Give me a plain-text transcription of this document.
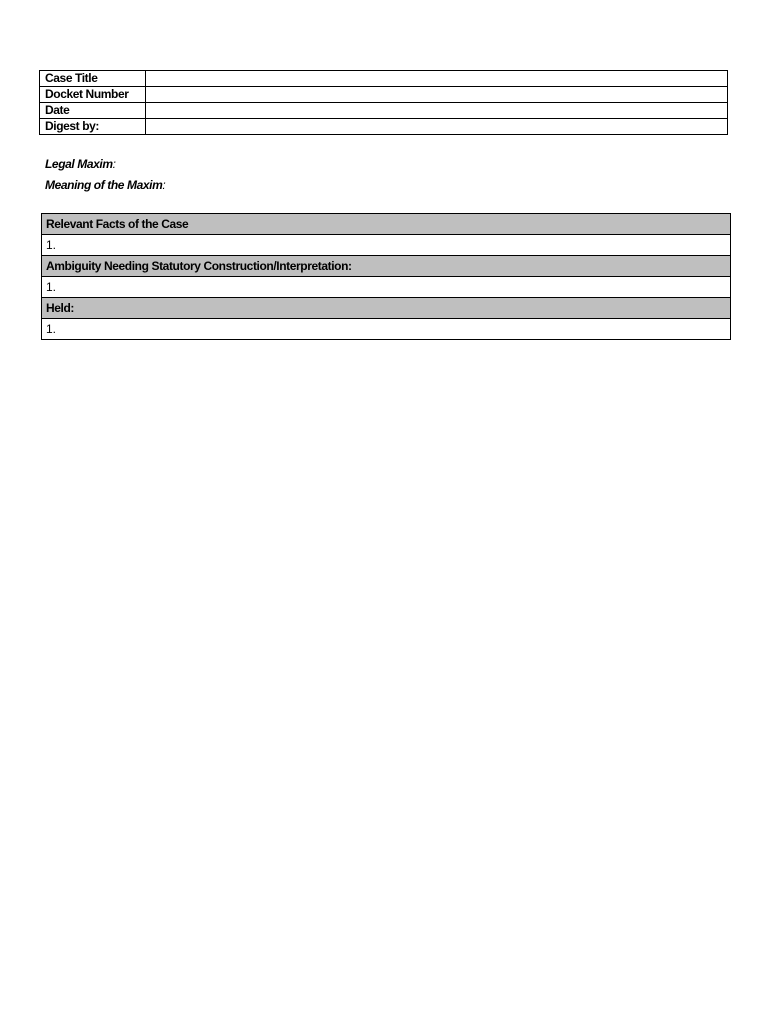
Case Title	
Docket Number	
Date	
Digest by:	
Legal Maxim:
Meaning of the Maxim:
Relevant Facts of the Case
1.
Ambiguity Needing Statutory Construction/Interpretation:
1.
Held:
1.
